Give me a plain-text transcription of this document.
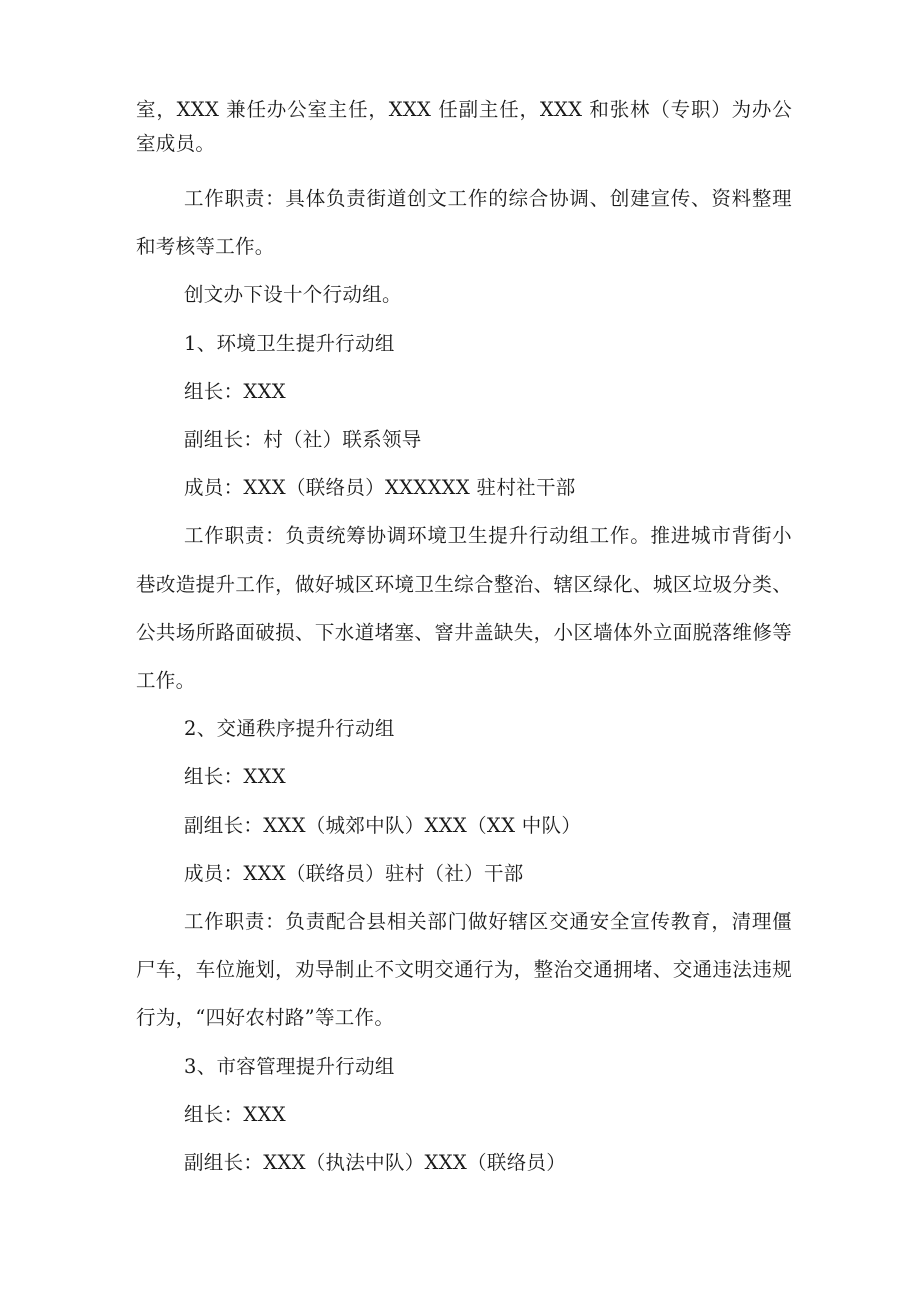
室，XXX 兼任办公室主任，XXX 任副主任，XXX 和张林（专职）为办公室成员。

工作职责：具体负责街道创文工作的综合协调、创建宣传、资料整理和考核等工作。

创文办下设十个行动组。

1、环境卫生提升行动组

组长：XXX

副组长：村（社）联系领导

成员：XXX（联络员）XXXXXX 驻村社干部

工作职责：负责统筹协调环境卫生提升行动组工作。推进城市背街小巷改造提升工作，做好城区环境卫生综合整治、辖区绿化、城区垃圾分类、公共场所路面破损、下水道堵塞、窨井盖缺失，小区墙体外立面脱落维修等工作。

2、交通秩序提升行动组

组长：XXX

副组长：XXX（城郊中队）XXX（XX 中队）

成员：XXX（联络员）驻村（社）干部

工作职责：负责配合县相关部门做好辖区交通安全宣传教育，清理僵尸车，车位施划，劝导制止不文明交通行为，整治交通拥堵、交通违法违规行为，“四好农村路”等工作。

3、市容管理提升行动组

组长：XXX

副组长：XXX（执法中队）XXX（联络员）
